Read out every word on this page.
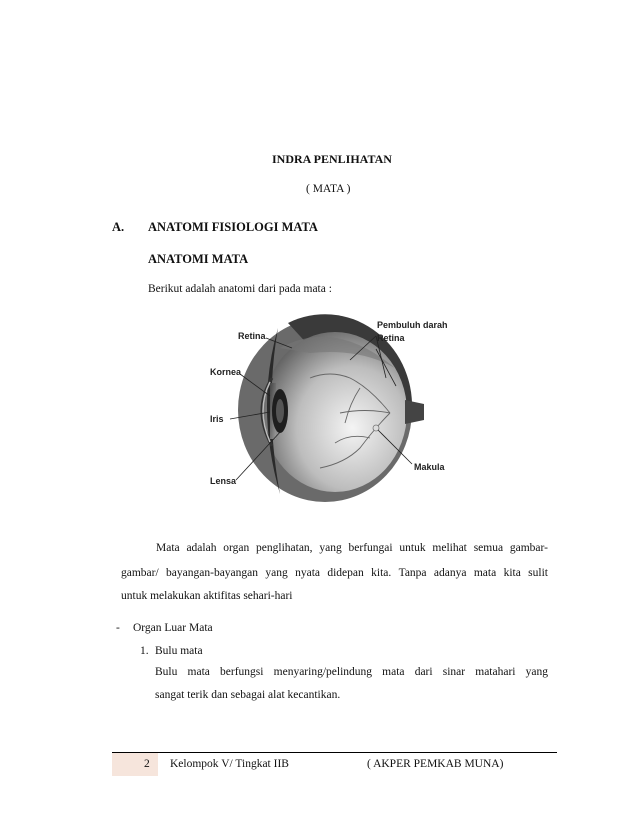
INDRA PENLIHATAN
( MATA )
A. ANATOMI FISIOLOGI MATA
ANATOMI MATA
Berikut adalah anatomi dari pada mata :
Retina
Pembuluh darah
Retina
Kornea
Iris
Lensa
Makula
Mata adalah organ penglihatan, yang berfungai untuk melihat semua gambar-
gambar/ bayangan-bayangan yang nyata didepan kita. Tanpa adanya mata kita sulit
untuk melakukan aktifitas sehari-hari
- Organ Luar Mata
1. Bulu mata
Bulu mata berfungsi menyaring/pelindung mata dari sinar matahari yang
sangat terik dan sebagai alat kecantikan.
2 Kelompok V/ Tingkat IIB	( AKPER PEMKAB MUNA)
